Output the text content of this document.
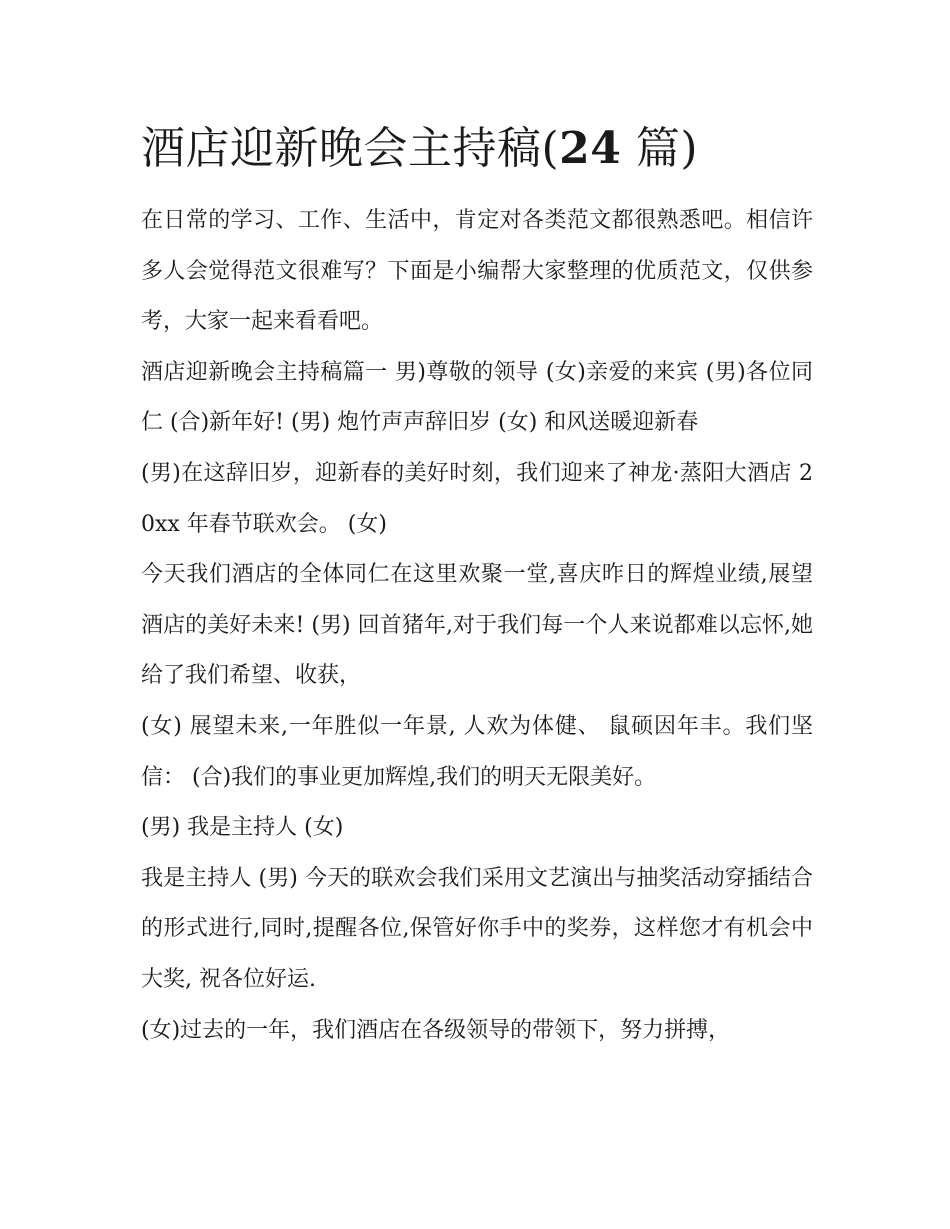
酒店迎新晚会主持稿(24 篇)

在日常的学习、工作、生活中，肯定对各类范文都很熟悉吧。相信许多人会觉得范文很难写？下面是小编帮大家整理的优质范文，仅供参考，大家一起来看看吧。

酒店迎新晚会主持稿篇一 男)尊敬的领导 (女)亲爱的来宾 (男)各位同仁 (合)新年好! (男) 炮竹声声辞旧岁 (女) 和风送暖迎新春

(男)在这辞旧岁，迎新春的美好时刻，我们迎来了神龙·蒸阳大酒店 20xx 年春节联欢会。 (女)

今天我们酒店的全体同仁在这里欢聚一堂,喜庆昨日的辉煌业绩,展望酒店的美好未来! (男) 回首猪年,对于我们每一个人来说都难以忘怀,她给了我们希望、收获，

(女) 展望未来,一年胜似一年景, 人欢为体健、 鼠硕因年丰。我们坚信： (合)我们的事业更加辉煌,我们的明天无限美好。

(男) 我是主持人 (女)

我是主持人 (男) 今天的联欢会我们采用文艺演出与抽奖活动穿插结合的形式进行,同时,提醒各位,保管好你手中的奖券，这样您才有机会中大奖, 祝各位好运.

(女)过去的一年，我们酒店在各级领导的带领下，努力拼搏，
